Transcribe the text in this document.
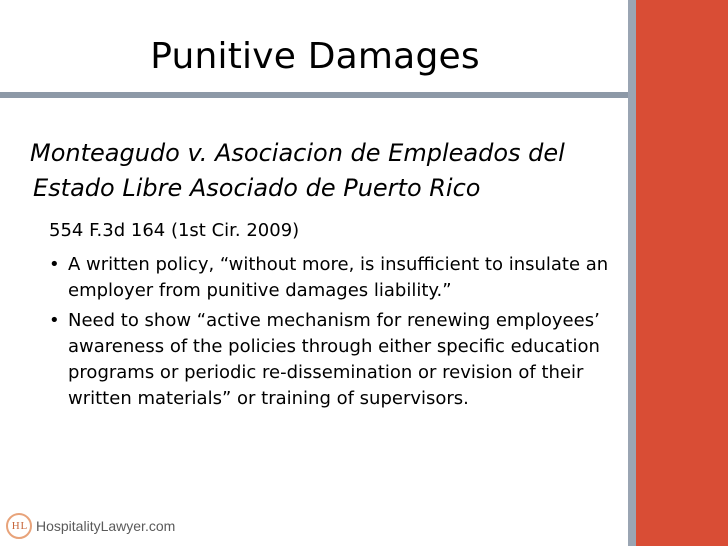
Punitive Damages
Monteagudo v. Asociacion de Empleados del
Estado Libre Asociado de Puerto Rico
554 F.3d 164 (1st Cir. 2009)
• A written policy, “without more, is insufficient to insulate an employer from punitive damages liability.”
• Need to show “active mechanism for renewing employees’ awareness of the policies through either specific education programs or periodic re-dissemination or revision of their written materials” or training of supervisors.
H L HospitalityLawyer.com
